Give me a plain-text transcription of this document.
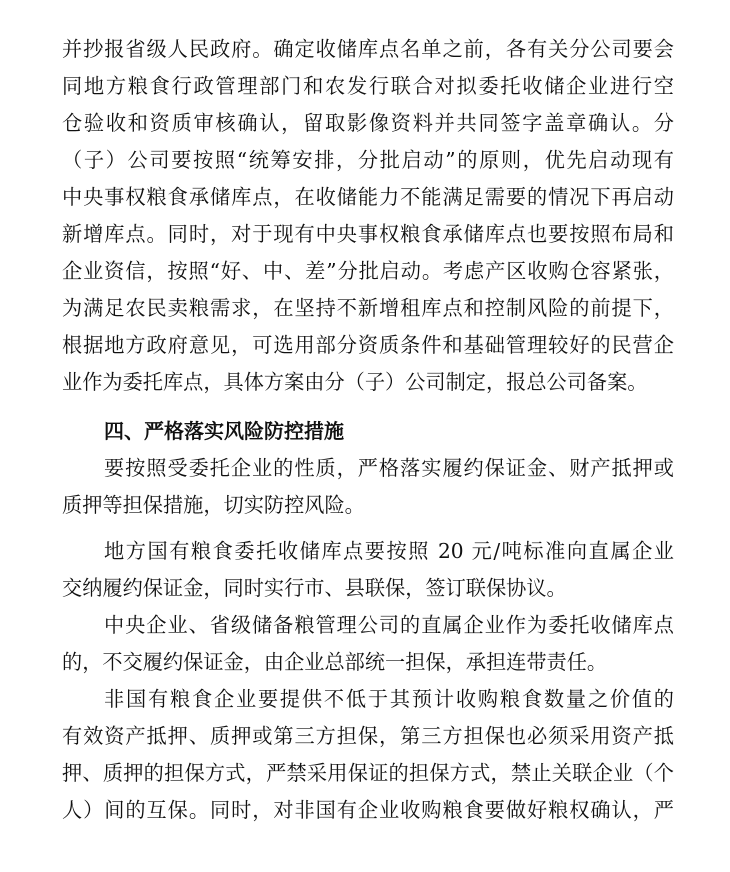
并抄报省级人民政府。确定收储库点名单之前，各有关分公司要会
同地方粮食行政管理部门和农发行联合对拟委托收储企业进行空
仓验收和资质审核确认，留取影像资料并共同签字盖章确认。分
（子）公司要按照“统筹安排，分批启动”的原则，优先启动现有
中央事权粮食承储库点，在收储能力不能满足需要的情况下再启动
新增库点。同时，对于现有中央事权粮食承储库点也要按照布局和
企业资信，按照“好、中、差”分批启动。考虑产区收购仓容紧张，
为满足农民卖粮需求，在坚持不新增租库点和控制风险的前提下，
根据地方政府意见，可选用部分资质条件和基础管理较好的民营企
业作为委托库点，具体方案由分（子）公司制定，报总公司备案。
四、严格落实风险防控措施
要按照受委托企业的性质，严格落实履约保证金、财产抵押或
质押等担保措施，切实防控风险。
地方国有粮食委托收储库点要按照 20 元/吨标准向直属企业
交纳履约保证金，同时实行市、县联保，签订联保协议。
中央企业、省级储备粮管理公司的直属企业作为委托收储库点
的，不交履约保证金，由企业总部统一担保，承担连带责任。
非国有粮食企业要提供不低于其预计收购粮食数量之价值的
有效资产抵押、质押或第三方担保，第三方担保也必须采用资产抵
押、质押的担保方式，严禁采用保证的担保方式，禁止关联企业（个
人）间的互保。同时，对非国有企业收购粮食要做好粮权确认，严
